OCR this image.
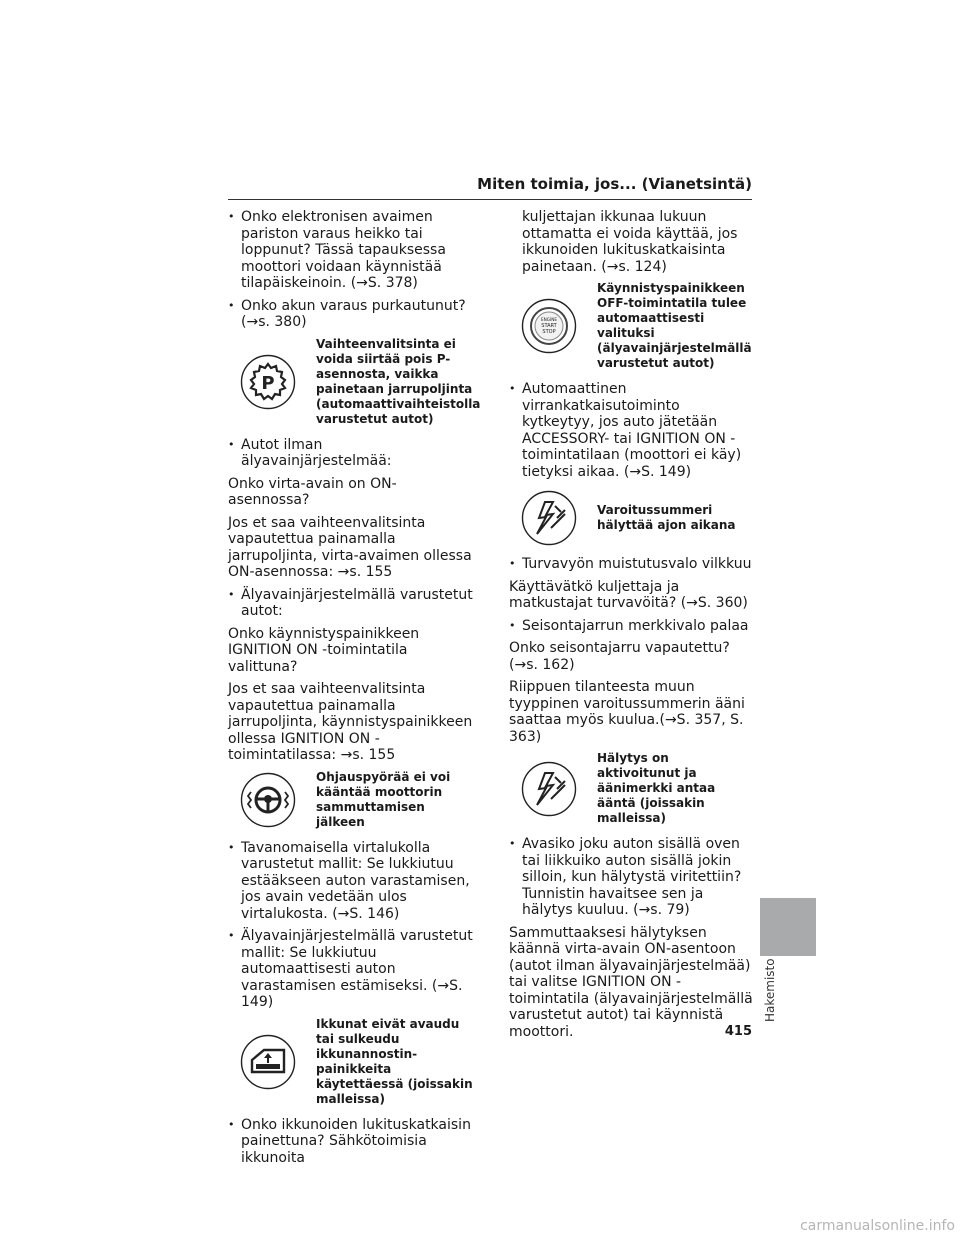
Miten toimia, jos... (Vianetsintä)
• Onko elektronisen avaimen pariston varaus heikko tai loppunut? Tässä tapauksessa moottori voidaan käynnistää tilapäiskeinoin. (→S. 378)
• Onko akun varaus purkautunut? (→s. 380)
P
Vaihteenvalitsinta ei voida siirtää pois P-asennosta, vaikka painetaan jarrupoljinta (automaattivaihteistolla varustetut autot)
• Autot ilman älyavainjärjestelmää:
Onko virta-avain on ON-asennossa?
Jos et saa vaihteenvalitsinta vapautettua painamalla jarrupoljinta, virta-avaimen ollessa ON-asennossa: →s. 155
• Älyavainjärjestelmällä varustetut autot:
Onko käynnistyspainikkeen IGNITION ON -toimintatila valittuna?
Jos et saa vaihteenvalitsinta vapautettua painamalla jarrupoljinta, käynnistyspainikkeen ollessa IGNITION ON -toimintatilassa: →s. 155
Ohjauspyörää ei voi kääntää moottorin sammuttamisen jälkeen
• Tavanomaisella virtalukolla varustetut mallit: Se lukkiutuu estääkseen auton varastamisen, jos avain vedetään ulos virtalukosta. (→S. 146)
• Älyavainjärjestelmällä varustetut mallit: Se lukkiutuu automaattisesti auton varastamisen estämiseksi. (→S. 149)
Ikkunat eivät avaudu tai sulkeudu ikkunannostin-painikkeita käytettäessä (joissakin malleissa)
• Onko ikkunoiden lukituskatkaisin painettuna? Sähkötoimisia ikkunoita
kuljettajan ikkunaa lukuun ottamatta ei voida käyttää, jos ikkunoiden lukituskatkaisinta painetaan. (→s. 124)
ENGINE
START
STOP
Käynnistyspainikkeen OFF-toimintatila tulee automaattisesti valituksi (älyavainjärjestelmällä varustetut autot)
• Automaattinen virrankatkaisutoiminto kytkeytyy, jos auto jätetään ACCESSORY- tai IGNITION ON -toimintatilaan (moottori ei käy) tietyksi aikaa. (→S. 149)
Varoitussummeri hälyttää ajon aikana
• Turvavyön muistutusvalo vilkkuu
Käyttävätkö kuljettaja ja matkustajat turvavöitä? (→S. 360)
• Seisontajarrun merkkivalo palaa
Onko seisontajarru vapautettu? (→s. 162)
Riippuen tilanteesta muun tyyppinen varoitussummerin ääni saattaa myös kuulua.(→S. 357, S. 363)
Hälytys on aktivoitunut ja äänimerkki antaa ääntä (joissakin malleissa)
• Avasiko joku auton sisällä oven tai liikkuiko auton sisällä jokin silloin, kun hälytystä viritettiin? Tunnistin havaitsee sen ja hälytys kuuluu. (→s. 79)
Sammuttaaksesi hälytyksen käännä virta-avain ON-asentoon (autot ilman älyavainjärjestelmää) tai valitse IGNITION ON -toimintatila (älyavainjärjestelmällä varustetut autot) tai käynnistä moottori.
Hakemisto
415
carmanualsonline.info
